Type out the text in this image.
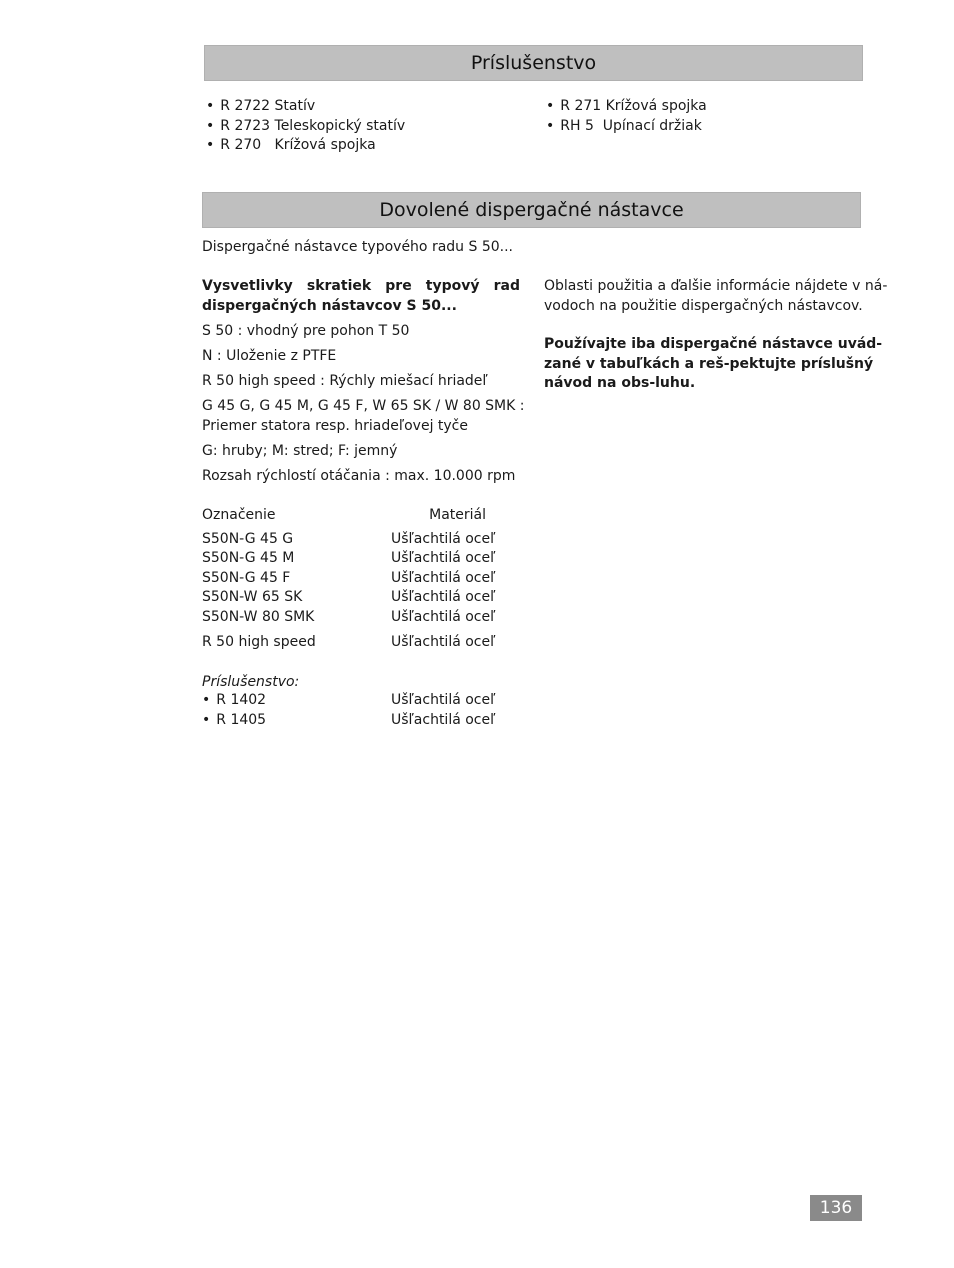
Príslušenstvo
• R 2722 Statív
• R 2723 Teleskopický statív
• R 270   Krížová spojka
• R 271 Krížová spojka
• RH 5  Upínací držiak
Dovolené dispergačné nástavce
Dispergačné nástavce typového radu S 50...
Vysvetlivky skratiek pre typový rad
dispergačných nástavcov S 50...
S 50 : vhodný pre pohon T 50
N : Uloženie z PTFE
R 50 high speed : Rýchly miešací hriadeľ
G 45 G, G 45 M, G 45 F, W 65 SK / W 80 SMK :
Priemer statora resp. hriadeľovej tyče
G: hruby; M: stred; F: jemný
Rozsah rýchlostí otáčania : max. 10.000 rpm
Označenie	Materiál
S50N-G 45 G	Ušľachtilá oceľ
S50N-G 45 M	Ušľachtilá oceľ
S50N-G 45 F	Ušľachtilá oceľ
S50N-W 65 SK	Ušľachtilá oceľ
S50N-W 80 SMK	Ušľachtilá oceľ
R 50 high speed	Ušľachtilá oceľ
Príslušenstvo:
• R 1402	Ušľachtilá oceľ
• R 1405	Ušľachtilá oceľ
Oblasti použitia a ďalšie informácie nájdete v ná-
vodoch na použitie dispergačných nástavcov.
Používajte iba dispergačné nástavce uvád-
zané v tabuľkách a reš-pektujte príslušný
návod na obs-luhu.
136
